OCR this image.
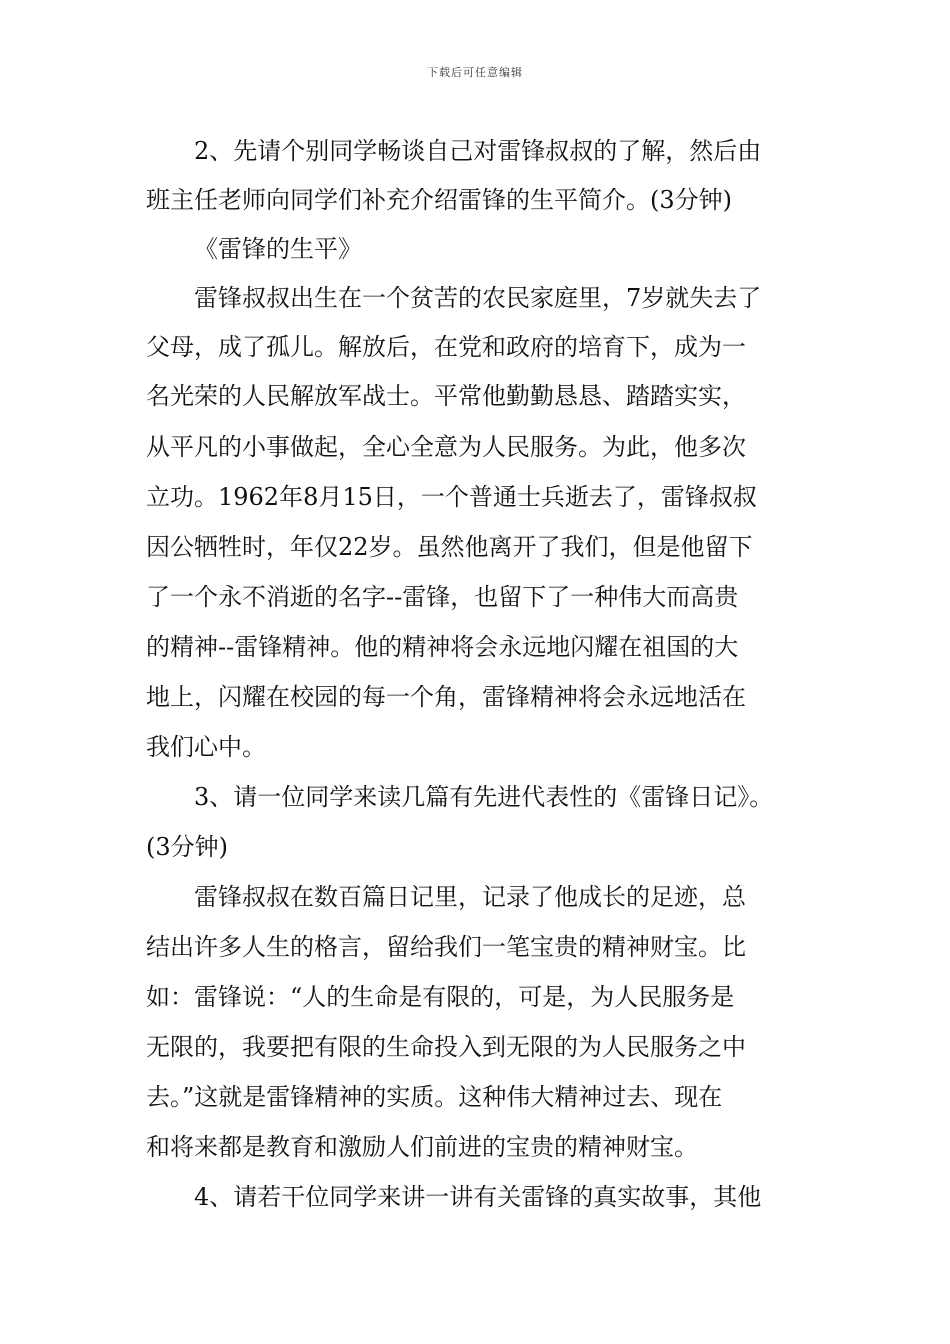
下载后可任意编辑
2、先请个别同学畅谈自己对雷锋叔叔的了解，然后由
班主任老师向同学们补充介绍雷锋的生平简介。(3分钟)
《雷锋的生平》
雷锋叔叔出生在一个贫苦的农民家庭里，7岁就失去了
父母，成了孤儿。解放后，在党和政府的培育下，成为一
名光荣的人民解放军战士。平常他勤勤恳恳、踏踏实实，
从平凡的小事做起，全心全意为人民服务。为此，他多次
立功。1962年8月15日，一个普通士兵逝去了，雷锋叔叔
因公牺牲时，年仅22岁。虽然他离开了我们，但是他留下
了一个永不消逝的名字--雷锋，也留下了一种伟大而高贵
的精神--雷锋精神。他的精神将会永远地闪耀在祖国的大
地上，闪耀在校园的每一个角，雷锋精神将会永远地活在
我们心中。
3、请一位同学来读几篇有先进代表性的《雷锋日记》。
(3分钟)
雷锋叔叔在数百篇日记里，记录了他成长的足迹，总
结出许多人生的格言，留给我们一笔宝贵的精神财宝。比
如：雷锋说：“人的生命是有限的，可是，为人民服务是
无限的，我要把有限的生命投入到无限的为人民服务之中
去。”这就是雷锋精神的实质。这种伟大精神过去、现在
和将来都是教育和激励人们前进的宝贵的精神财宝。
4、请若干位同学来讲一讲有关雷锋的真实故事，其他
